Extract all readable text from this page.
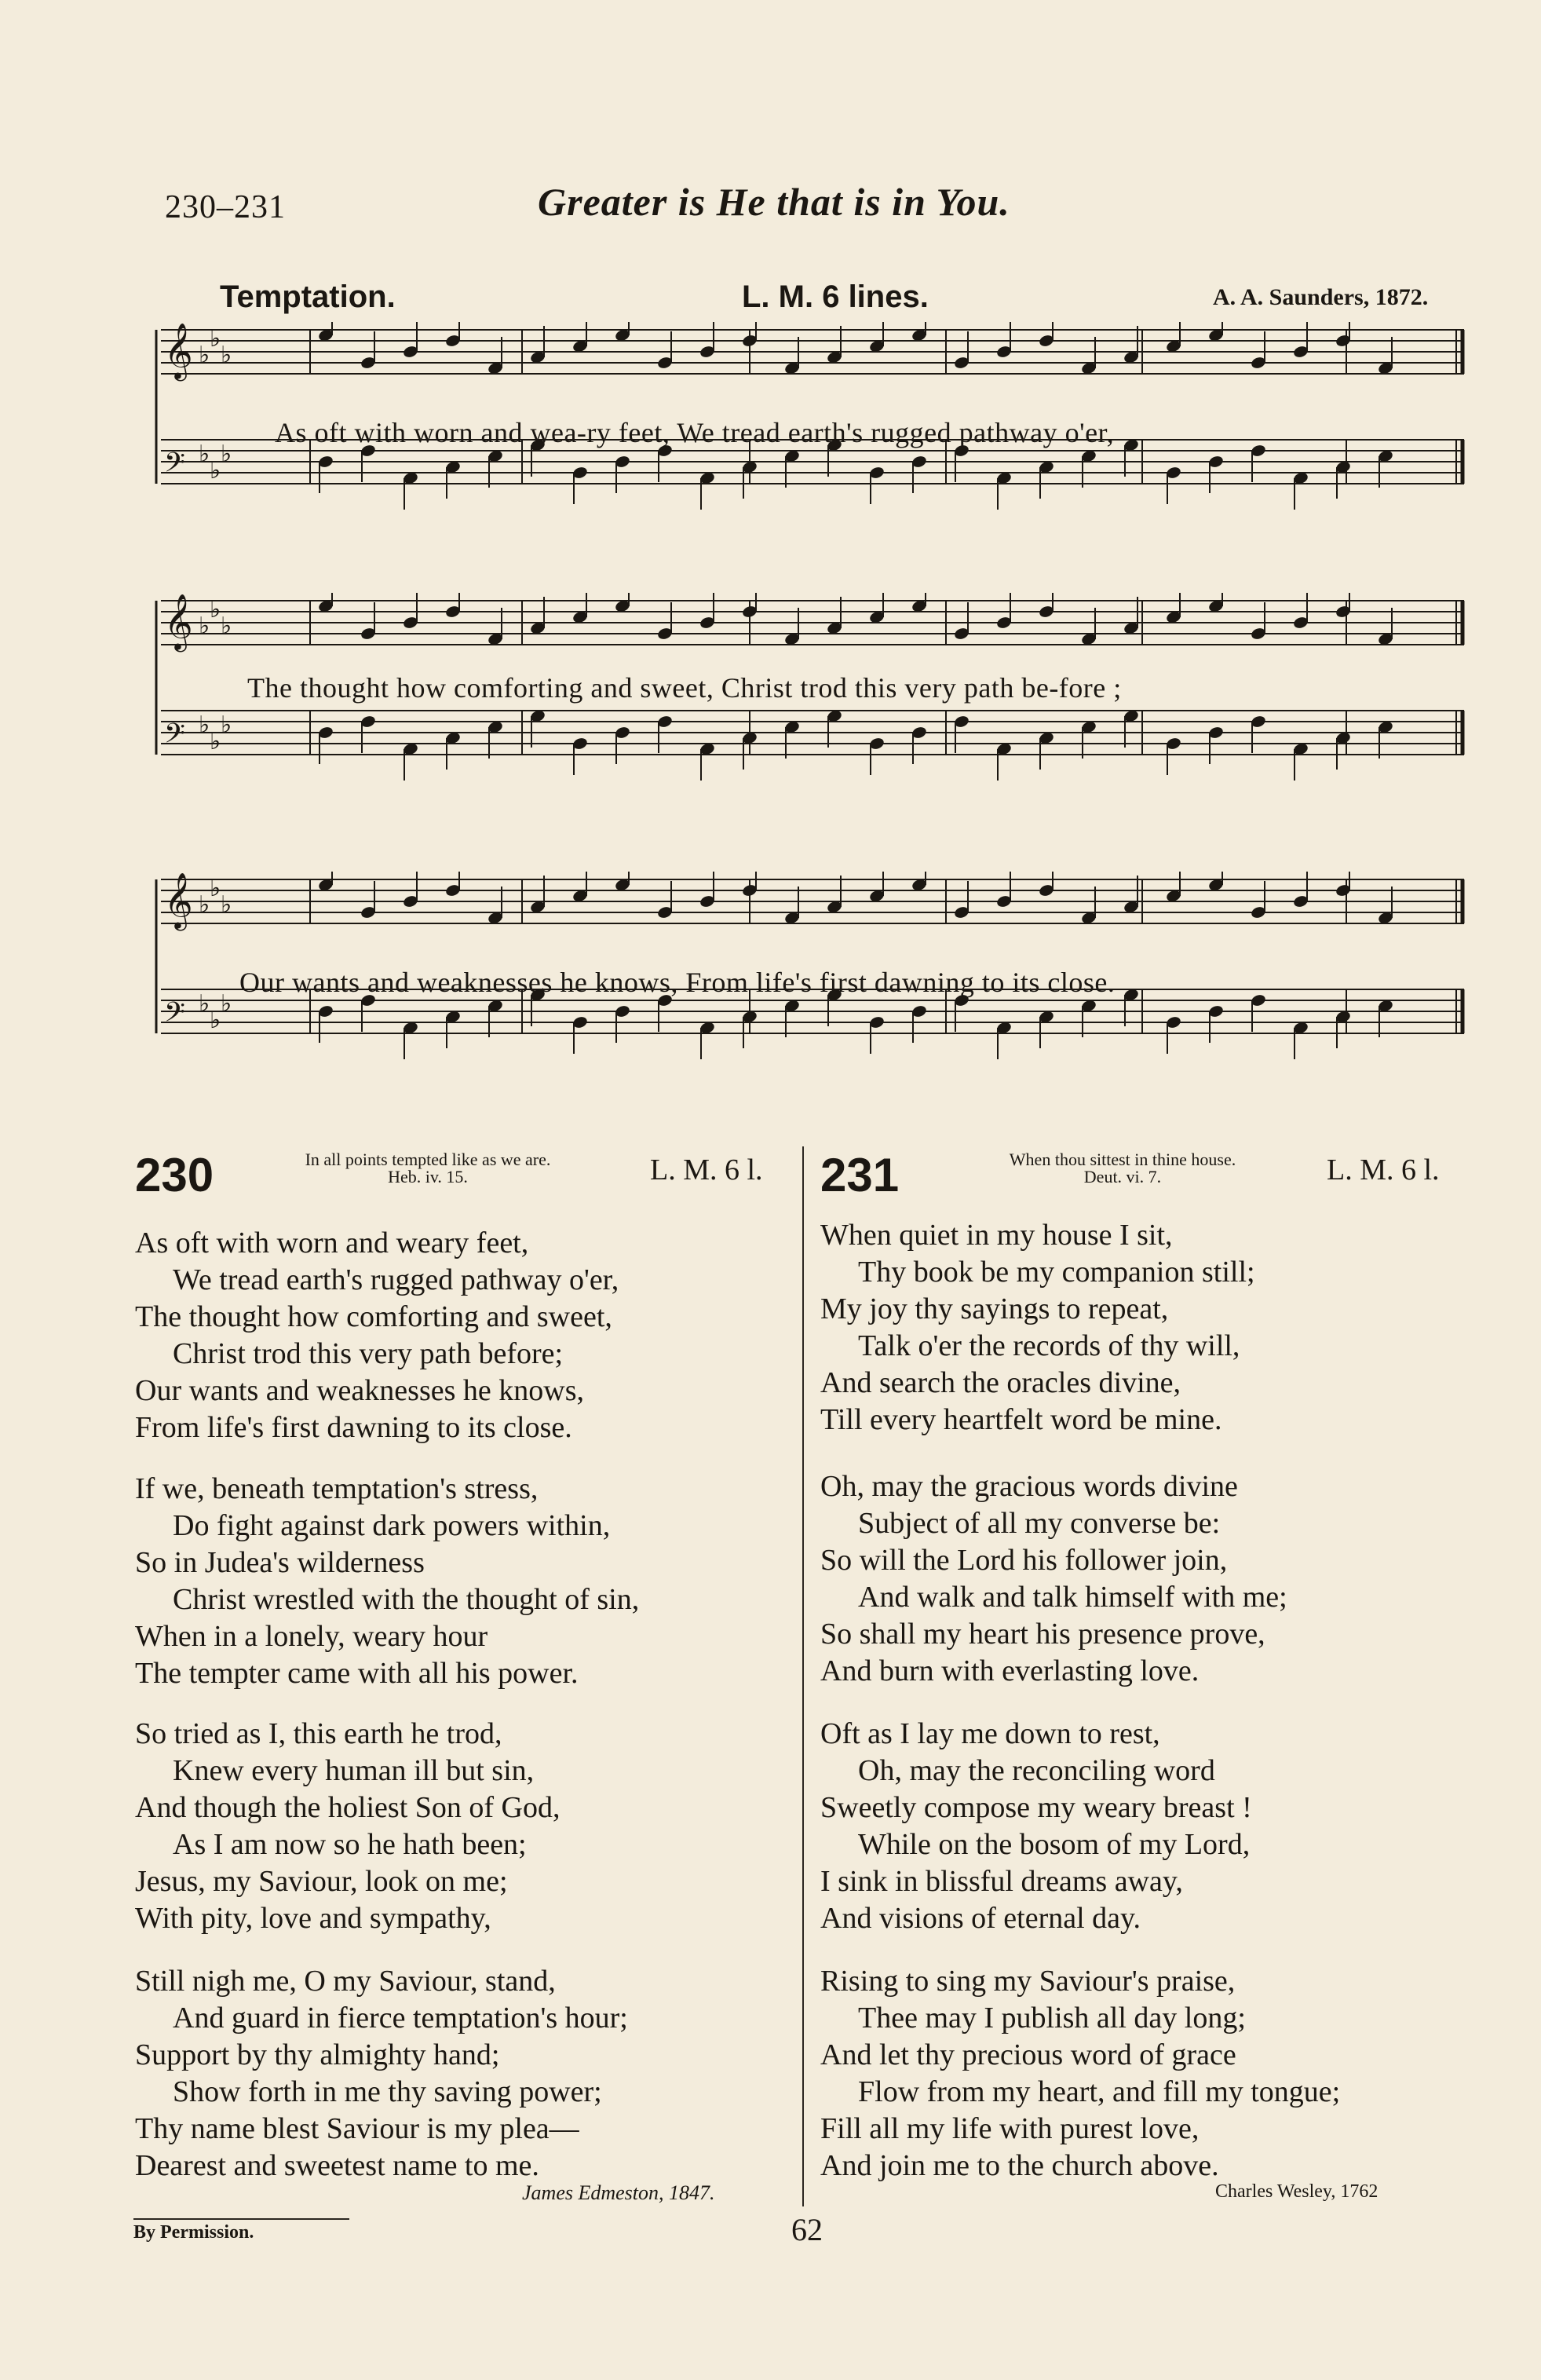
230–231	Greater is He that is in You.
Temptation.	L. M. 6 lines.	A. A. Saunders, 1872.
𝄞 ♭
♭
♭
𝄢 ♭
♭
♭
As oft with worn and wea-ry feet, We tread earth's rugged pathway o'er,
𝄞 ♭
♭
♭
𝄢 ♭
♭
♭
The thought how comforting and sweet, Christ trod this very path be-fore ;
𝄞 ♭
♭
♭
𝄢 ♭
♭
♭
Our wants and weaknesses he knows, From life's first dawning to its close.
230	In all points tempted like as we are.
Heb. iv. 15.	L. M. 6 l.
As oft with worn and weary feet,
We tread earth's rugged pathway o'er,
The thought how comforting and sweet,
Christ trod this very path before;
Our wants and weaknesses he knows,
From life's first dawning to its close.
If we, beneath temptation's stress,
Do fight against dark powers within,
So in Judea's wilderness
Christ wrestled with the thought of sin,
When in a lonely, weary hour
The tempter came with all his power.
So tried as I, this earth he trod,
Knew every human ill but sin,
And though the holiest Son of God,
As I am now so he hath been;
Jesus, my Saviour, look on me;
With pity, love and sympathy,
Still nigh me, O my Saviour, stand,
And guard in fierce temptation's hour;
Support by thy almighty hand;
Show forth in me thy saving power;
Thy name blest Saviour is my plea—
Dearest and sweetest name to me.
James Edmeston, 1847.
231	When thou sittest in thine house.
Deut. vi. 7.	L. M. 6 l.
When quiet in my house I sit,
Thy book be my companion still;
My joy thy sayings to repeat,
Talk o'er the records of thy will,
And search the oracles divine,
Till every heartfelt word be mine.
Oh, may the gracious words divine
Subject of all my converse be:
So will the Lord his follower join,
And walk and talk himself with me;
So shall my heart his presence prove,
And burn with everlasting love.
Oft as I lay me down to rest,
Oh, may the reconciling word
Sweetly compose my weary breast !
While on the bosom of my Lord,
I sink in blissful dreams away,
And visions of eternal day.
Rising to sing my Saviour's praise,
Thee may I publish all day long;
And let thy precious word of grace
Flow from my heart, and fill my tongue;
Fill all my life with purest love,
And join me to the church above.
Charles Wesley, 1762
By Permission.	62
